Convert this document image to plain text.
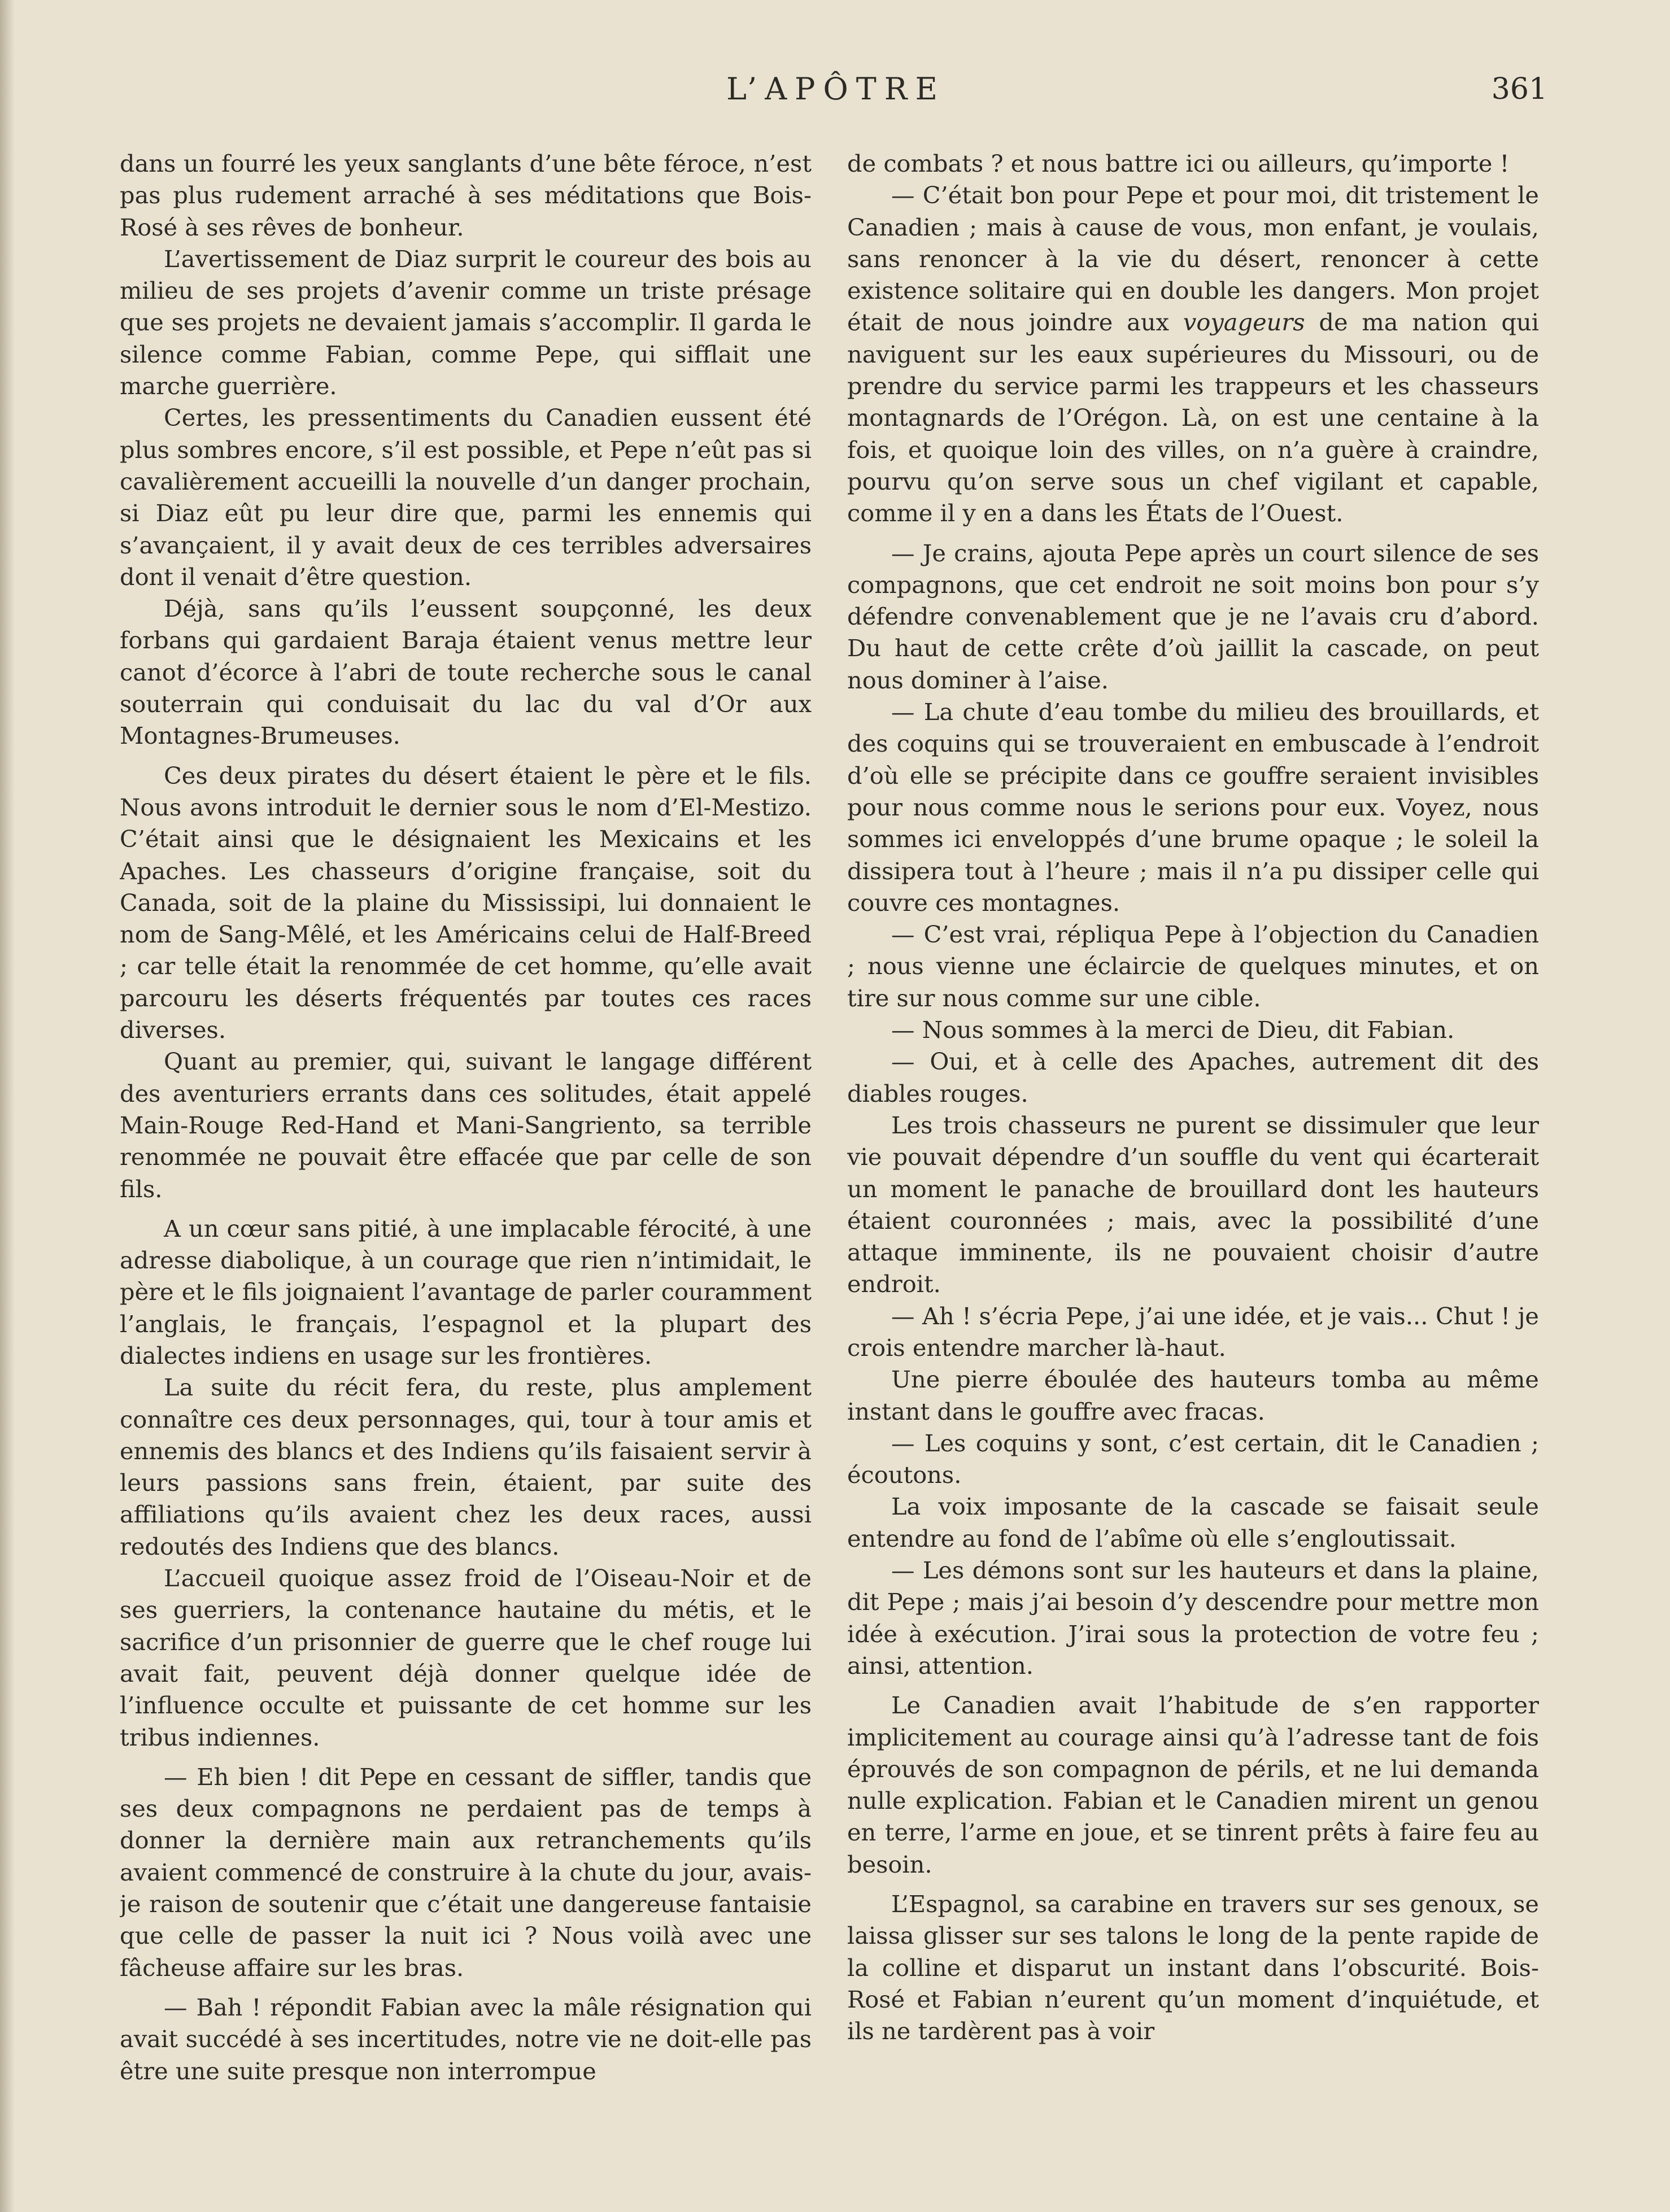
L’APÔTRE	361

dans un fourré les yeux sanglants d’une bête féroce, n’est pas plus rudement arraché à ses méditations que Bois-Rosé à ses rêves de bonheur.

L’avertissement de Diaz surprit le coureur des bois au milieu de ses projets d’avenir comme un triste présage que ses projets ne devaient jamais s’accomplir. Il garda le silence comme Fabian, comme Pepe, qui sifflait une marche guerrière.

Certes, les pressentiments du Canadien eussent été plus sombres encore, s’il est possible, et Pepe n’eût pas si cavalièrement accueilli la nouvelle d’un danger prochain, si Diaz eût pu leur dire que, parmi les ennemis qui s’avançaient, il y avait deux de ces terribles adversaires dont il venait d’être question.

Déjà, sans qu’ils l’eussent soupçonné, les deux forbans qui gardaient Baraja étaient venus mettre leur canot d’écorce à l’abri de toute recherche sous le canal souterrain qui conduisait du lac du val d’Or aux Montagnes-Brumeuses.

Ces deux pirates du désert étaient le père et le fils. Nous avons introduit le dernier sous le nom d’El-Mestizo. C’était ainsi que le désignaient les Mexicains et les Apaches. Les chasseurs d’origine française, soit du Canada, soit de la plaine du Mississipi, lui donnaient le nom de Sang-Mêlé, et les Américains celui de Half-Breed ; car telle était la renommée de cet homme, qu’elle avait parcouru les déserts fréquentés par toutes ces races diverses.

Quant au premier, qui, suivant le langage différent des aventuriers errants dans ces solitudes, était appelé Main-Rouge Red-Hand et Mani-Sangriento, sa terrible renommée ne pouvait être effacée que par celle de son fils.

A un cœur sans pitié, à une implacable férocité, à une adresse diabolique, à un courage que rien n’intimidait, le père et le fils joignaient l’avantage de parler couramment l’anglais, le français, l’espagnol et la plupart des dialectes indiens en usage sur les frontières.

La suite du récit fera, du reste, plus amplement connaître ces deux personnages, qui, tour à tour amis et ennemis des blancs et des Indiens qu’ils faisaient servir à leurs passions sans frein, étaient, par suite des affiliations qu’ils avaient chez les deux races, aussi redoutés des Indiens que des blancs.

L’accueil quoique assez froid de l’Oiseau-Noir et de ses guerriers, la contenance hautaine du métis, et le sacrifice d’un prisonnier de guerre que le chef rouge lui avait fait, peuvent déjà donner quelque idée de l’influence occulte et puissante de cet homme sur les tribus indiennes.

— Eh bien ! dit Pepe en cessant de siffler, tandis que ses deux compagnons ne perdaient pas de temps à donner la dernière main aux retranchements qu’ils avaient commencé de construire à la chute du jour, avais-je raison de soutenir que c’était une dangereuse fantaisie que celle de passer la nuit ici ? Nous voilà avec une fâcheuse affaire sur les bras.

— Bah ! répondit Fabian avec la mâle résignation qui avait succédé à ses incertitudes, notre vie ne doit-elle pas être une suite presque non interrompue

de combats ? et nous battre ici ou ailleurs, qu’importe !

— C’était bon pour Pepe et pour moi, dit tristement le Canadien ; mais à cause de vous, mon enfant, je voulais, sans renoncer à la vie du désert, renoncer à cette existence solitaire qui en double les dangers. Mon projet était de nous joindre aux voyageurs de ma nation qui naviguent sur les eaux supérieures du Missouri, ou de prendre du service parmi les trappeurs et les chasseurs montagnards de l’Orégon. Là, on est une centaine à la fois, et quoique loin des villes, on n’a guère à craindre, pourvu qu’on serve sous un chef vigilant et capable, comme il y en a dans les États de l’Ouest.

— Je crains, ajouta Pepe après un court silence de ses compagnons, que cet endroit ne soit moins bon pour s’y défendre convenablement que je ne l’avais cru d’abord. Du haut de cette crête d’où jaillit la cascade, on peut nous dominer à l’aise.

— La chute d’eau tombe du milieu des brouillards, et des coquins qui se trouveraient en embuscade à l’endroit d’où elle se précipite dans ce gouffre seraient invisibles pour nous comme nous le serions pour eux. Voyez, nous sommes ici enveloppés d’une brume opaque ; le soleil la dissipera tout à l’heure ; mais il n’a pu dissiper celle qui couvre ces montagnes.

— C’est vrai, répliqua Pepe à l’objection du Canadien ; nous vienne une éclaircie de quelques minutes, et on tire sur nous comme sur une cible.

— Nous sommes à la merci de Dieu, dit Fabian.

— Oui, et à celle des Apaches, autrement dit des diables rouges.

Les trois chasseurs ne purent se dissimuler que leur vie pouvait dépendre d’un souffle du vent qui écarterait un moment le panache de brouillard dont les hauteurs étaient couronnées ; mais, avec la possibilité d’une attaque imminente, ils ne pouvaient choisir d’autre endroit.

— Ah ! s’écria Pepe, j’ai une idée, et je vais... Chut ! je crois entendre marcher là-haut.

Une pierre éboulée des hauteurs tomba au même instant dans le gouffre avec fracas.

— Les coquins y sont, c’est certain, dit le Canadien ; écoutons.

La voix imposante de la cascade se faisait seule entendre au fond de l’abîme où elle s’engloutissait.

— Les démons sont sur les hauteurs et dans la plaine, dit Pepe ; mais j’ai besoin d’y descendre pour mettre mon idée à exécution. J’irai sous la protection de votre feu ; ainsi, attention.

Le Canadien avait l’habitude de s’en rapporter implicitement au courage ainsi qu’à l’adresse tant de fois éprouvés de son compagnon de périls, et ne lui demanda nulle explication. Fabian et le Canadien mirent un genou en terre, l’arme en joue, et se tinrent prêts à faire feu au besoin.

L’Espagnol, sa carabine en travers sur ses genoux, se laissa glisser sur ses talons le long de la pente rapide de la colline et disparut un instant dans l’obscurité. Bois-Rosé et Fabian n’eurent qu’un moment d’inquiétude, et ils ne tardèrent pas à voir
